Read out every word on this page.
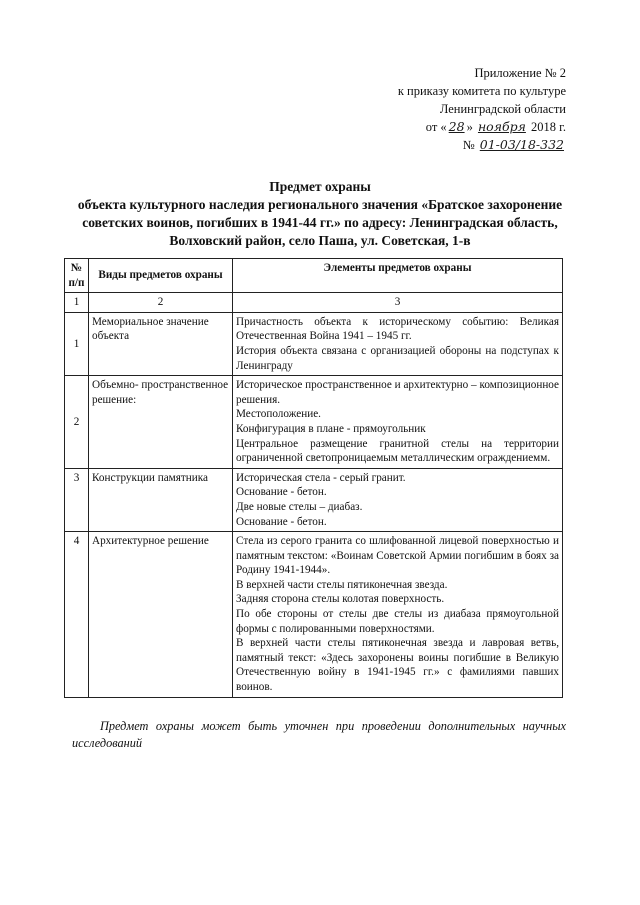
Приложение № 2
к приказу комитета по культуре
Ленинградской области
от « 28 » ноября 2018 г.
№ 01-03/18-332
Предмет охраны
объекта культурного наследия регионального значения «Братское захоронение
советских воинов, погибших в 1941-44 гг.» по адресу: Ленинградская область,
Волховский район, село Паша, ул. Советская, 1-в
№ п/п	Виды предметов охраны	Элементы предметов охраны
1	2	3
1	Мемориальное значение объекта	Причастность объекта к историческому событию: Великая Отечественная Война 1941 – 1945 гг.
История объекта связана с организацией обороны на подступах к Ленинграду

2	Объемно- пространственное решение:	Историческое пространственное и архитектурно – композиционное решения.
Местоположение.
Конфигурация в плане - прямоугольник
Центральное размещение гранитной стелы на территории ограниченной светопроницаемым металлическим ограждениемм.

3	Конструкции памятника	Историческая стела - серый гранит.
Основание - бетон.
Две новые стелы – диабаз.
Основание - бетон.

4	Архитектурное решение	Стела из серого гранита со шлифованной лицевой поверхностью и памятным текстом: «Воинам Советской Армии погибшим в боях за Родину 1941-1944».
В верхней части стелы пятиконечная звезда.
Задняя сторона стелы колотая поверхность.
По обе стороны от стелы две стелы из диабаза прямоугольной формы с полированными поверхностями.
В верхней части стелы пятиконечная звезда и лавровая ветвь, памятный текст: «Здесь захоронены воины погибшие в Великую Отечественную войну в 1941-1945 гг.» с фамилиями павших воинов.
Предмет охраны может быть уточнен при проведении дополнительных научных исследований
